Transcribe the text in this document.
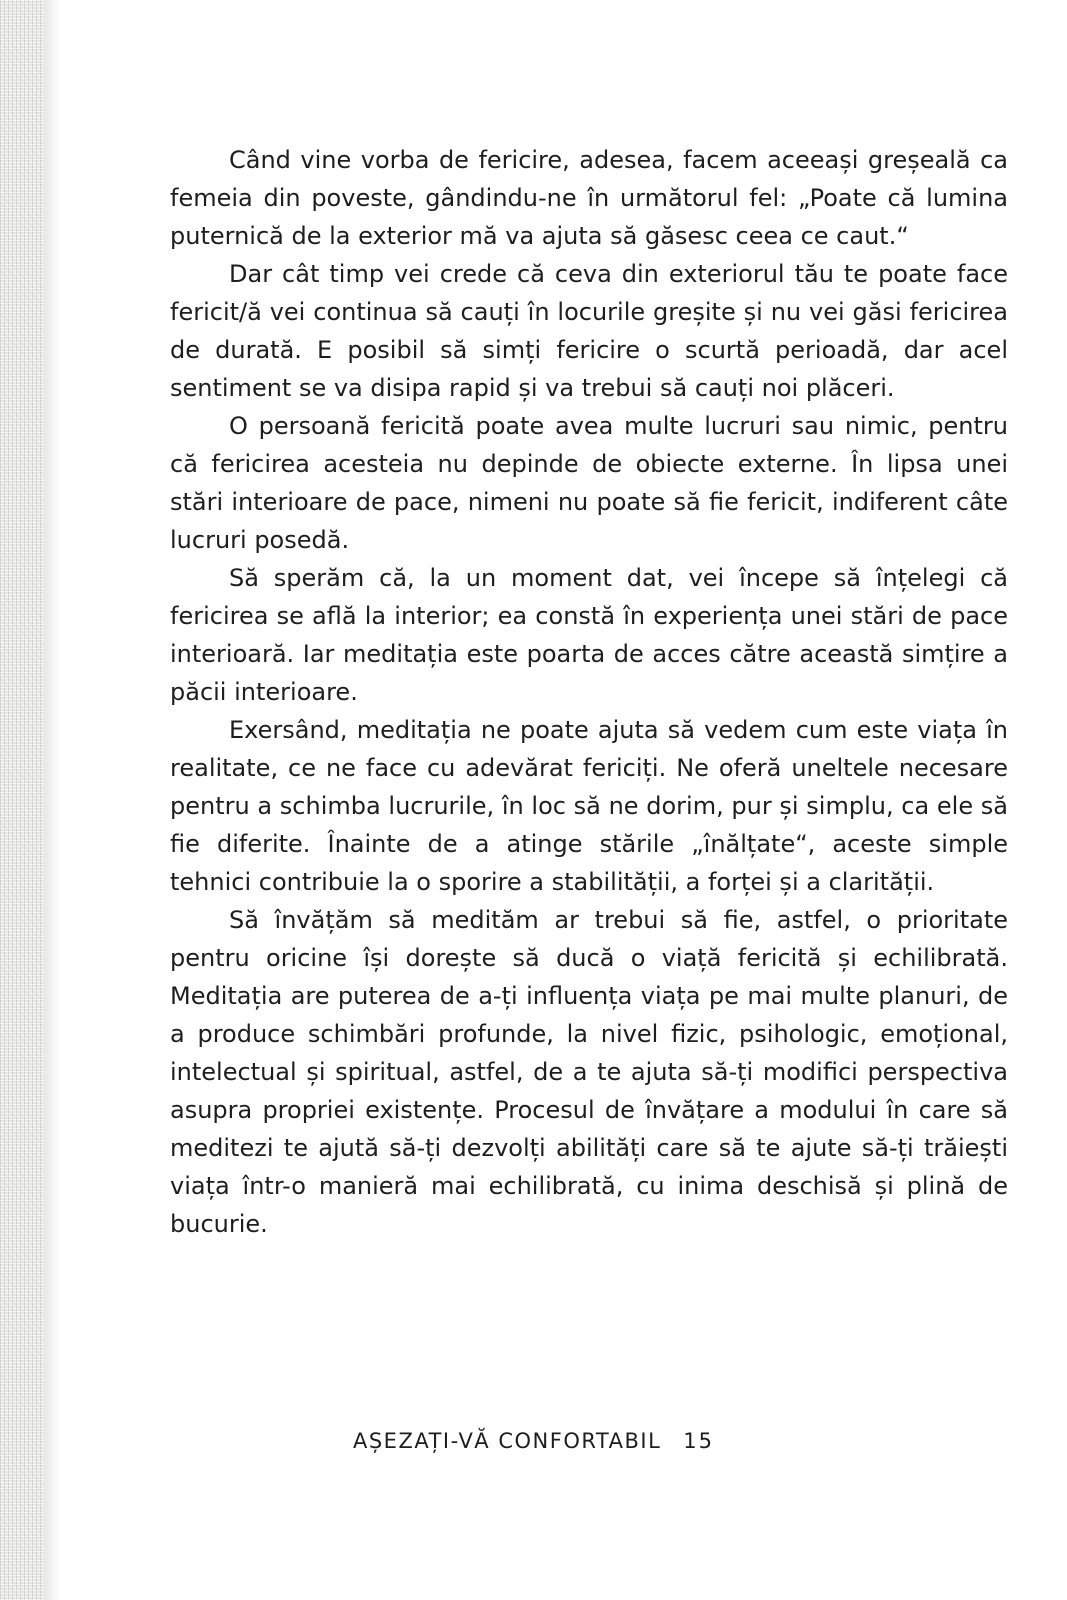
Când vine vorba de fericire, adesea, facem aceeași greșeală ca femeia din poveste, gândindu-ne în următorul fel: „Poate că lumina puternică de la exterior mă va ajuta să găsesc ceea ce caut.“

Dar cât timp vei crede că ceva din exteriorul tău te poate face fericit/ă vei continua să cauți în locurile greșite și nu vei găsi fericirea de durată. E posibil să simți fericire o scurtă perioadă, dar acel sentiment se va disipa rapid și va trebui să cauți noi plăceri.

O persoană fericită poate avea multe lucruri sau nimic, pentru că fericirea acesteia nu depinde de obiecte externe. În lipsa unei stări interioare de pace, nimeni nu poate să fie fericit, indiferent câte lucruri posedă.

Să sperăm că, la un moment dat, vei începe să înțelegi că fericirea se află la interior; ea constă în experiența unei stări de pace interioară. Iar meditația este poarta de acces către această simțire a păcii interioare.

Exersând, meditația ne poate ajuta să vedem cum este viața în realitate, ce ne face cu adevărat fericiți. Ne oferă uneltele necesare pentru a schimba lucrurile, în loc să ne dorim, pur și simplu, ca ele să fie diferite. Înainte de a atinge stările „înălțate“, aceste simple tehnici contribuie la o sporire a stabilității, a forței și a clarității.

Să învățăm să medităm ar trebui să fie, astfel, o prioritate pentru oricine își dorește să ducă o viață fericită și echilibrată. Meditația are puterea de a-ți influența viața pe mai multe planuri, de a produce schimbări profunde, la nivel fizic, psihologic, emoțional, intelectual și spiritual, astfel, de a te ajuta să-ți modifici perspectiva asupra propriei existențe. Procesul de învățare a modului în care să meditezi te ajută să-ți dezvolți abilități care să te ajute să-ți trăiești viața într-o manieră mai echilibrată, cu inima deschisă și plină de bucurie.

AȘEZAȚI-VĂ CONFORTABIL 15
